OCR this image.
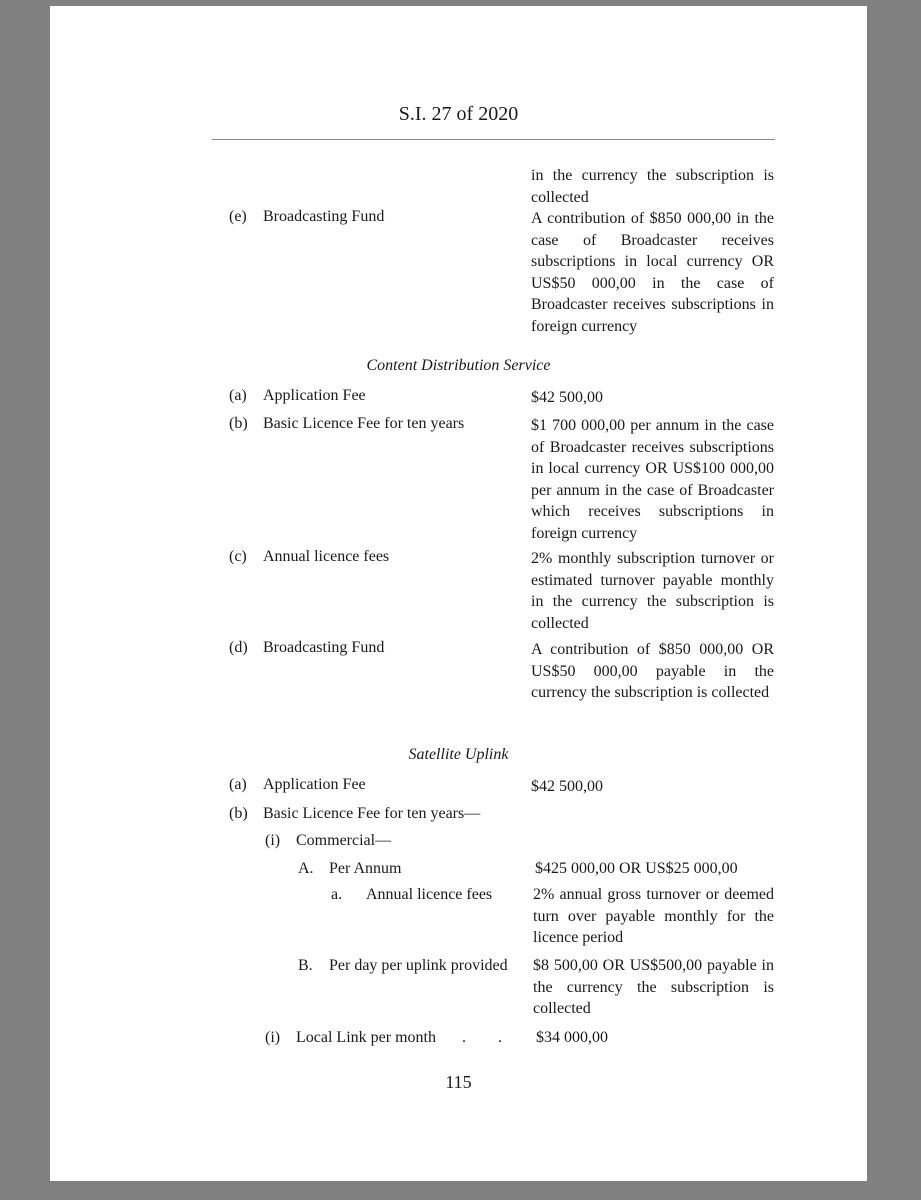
S.I. 27 of 2020
in the currency the subscription is collected
(e) Broadcasting Fund	A contribution of $850 000,00 in the case of Broadcaster receives subscriptions in local currency OR US$50 000,00 in the case of Broadcaster receives subscriptions in foreign currency
Content Distribution Service
(a) Application Fee	$42 500,00
(b) Basic Licence Fee for ten years	$1 700 000,00 per annum in the case of Broadcaster receives subscriptions in local currency OR US$100 000,00 per annum in the case of Broadcaster which receives subscriptions in foreign currency
(c) Annual licence fees	2% monthly subscription turnover or estimated turnover payable monthly in the currency the subscription is collected
(d) Broadcasting Fund	A contribution of $850 000,00 OR US$50 000,00 payable in the currency the subscription is collected
Satellite Uplink
(a) Application Fee	$42 500,00
(b) Basic Licence Fee for ten years—
(i) Commercial—
A. Per Annum	$425 000,00 OR US$25 000,00
a. Annual licence fees	2% annual gross turnover or deemed turn over payable monthly for the licence period
B. Per day per uplink provided $8 500,00 OR US$500,00 payable in the currency the subscription is collected
(i) Local Link per month . . $34 000,00
115
